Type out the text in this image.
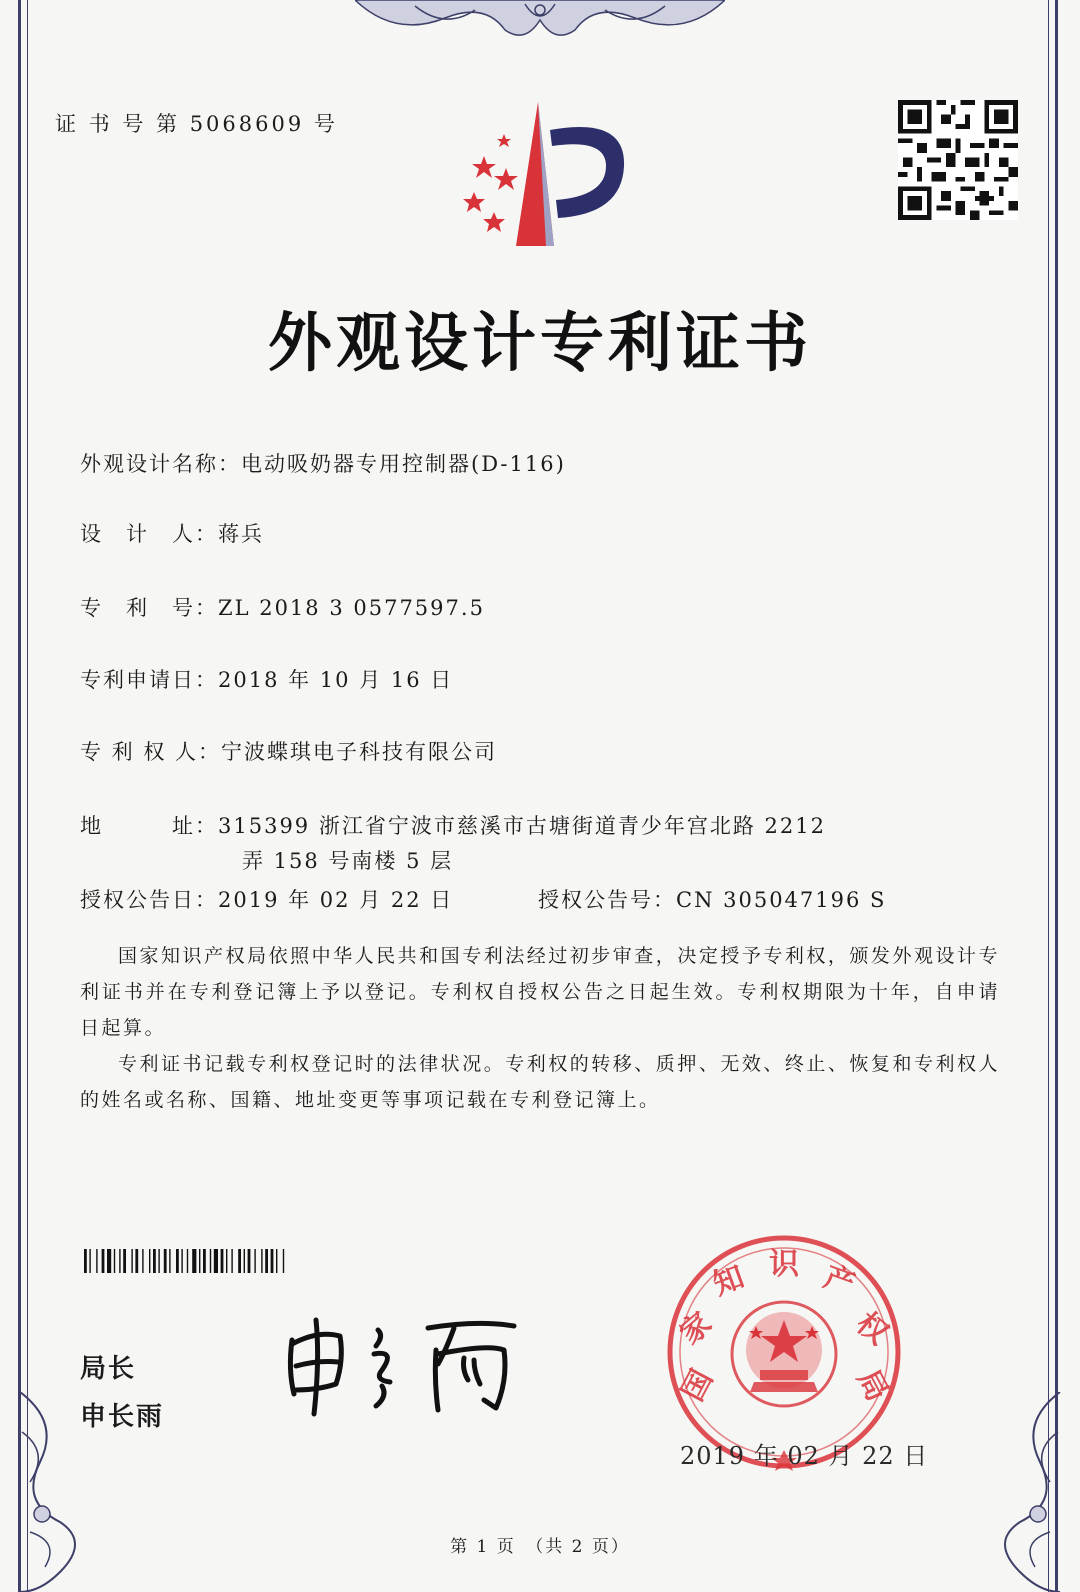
证 书 号 第 5068609 号
外观设计专利证书
外观设计名称：电动吸奶器专用控制器(D-116)
设　计　人：蒋兵
专　利　号：ZL 2018 3 0577597.5
专利申请日：2018 年 10 月 16 日
专 利 权 人：宁波蝶琪电子科技有限公司
地　　　址：315399 浙江省宁波市慈溪市古塘街道青少年宫北路 2212
弄 158 号南楼 5 层
授权公告日：2019 年 02 月 22 日	授权公告号：CN 305047196 S
国家知识产权局依照中华人民共和国专利法经过初步审查，决定授予专利权，颁发外观设计专利证书并在专利登记簿上予以登记。专利权自授权公告之日起生效。专利权期限为十年，自申请日起算。
专利证书记载专利权登记时的法律状况。专利权的转移、质押、无效、终止、恢复和专利权人的姓名或名称、国籍、地址变更等事项记载在专利登记簿上。
局长
申长雨
国
家
知 识 产
权
局
2019 年 02 月 22 日
第 1 页　（共 2 页）
